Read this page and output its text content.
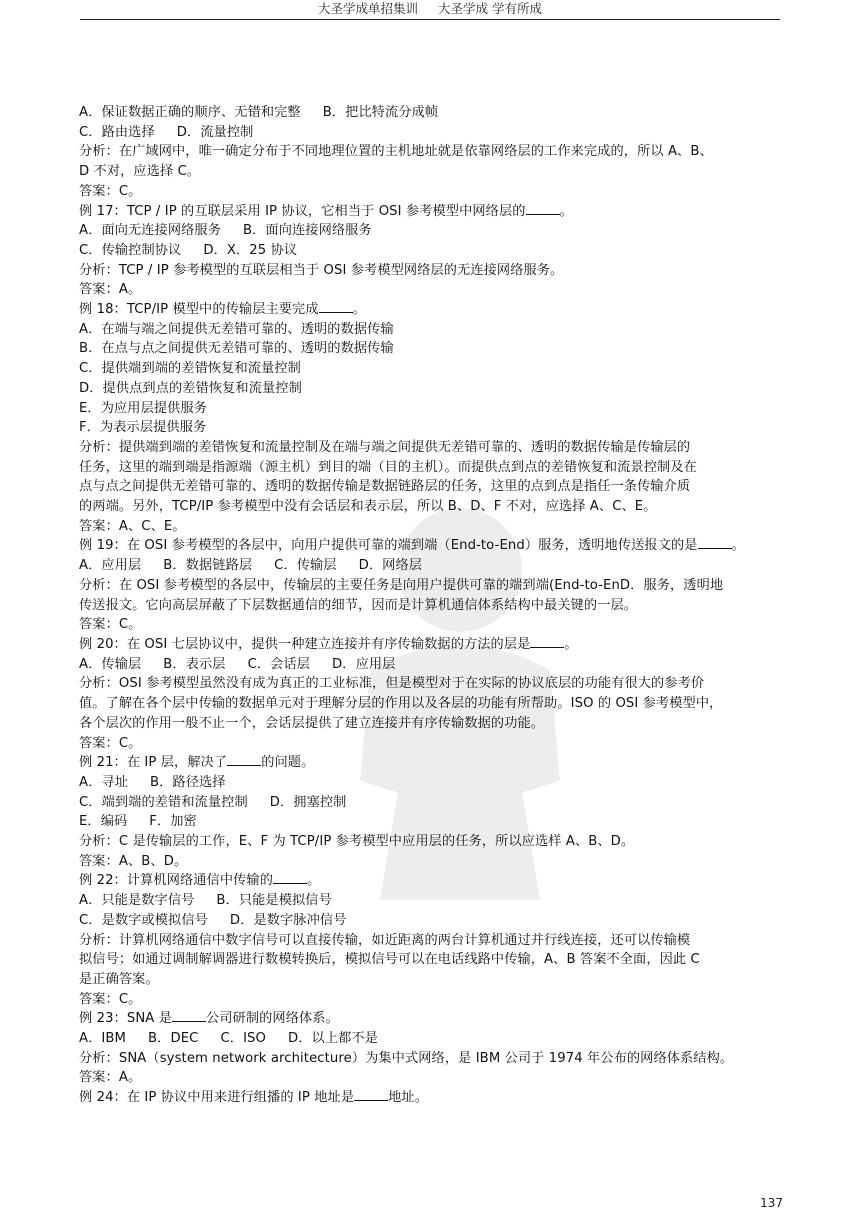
大圣学成单招集训 大圣学成 学有所成
A．保证数据正确的顺序、无错和完整 B．把比特流分成帧
C．路由选择 D．流量控制
分析：在广域网中，唯一确定分布于不同地理位置的主机地址就是依靠网络层的工作来完成的，所以 A、B、
D 不对，应选择 C。
答案：C。
例 17：TCP / IP 的互联层采用 IP 协议，它相当于 OSI 参考模型中网络层的	。
A．面向无连接网络服务 B．面向连接网络服务
C．传输控制协议 D．X．25 协议
分析：TCP / IP 参考模型的互联层相当于 OSI 参考模型网络层的无连接网络服务。
答案：A。
例 18：TCP/IP 模型中的传输层主要完成	。
A．在端与端之间提供无差错可靠的、透明的数据传输
B．在点与点之间提供无差错可靠的、透明的数据传输
C．提供端到端的差错恢复和流量控制
D．提供点到点的差错恢复和流量控制
E．为应用层提供服务
F．为表示层提供服务
分析：提供端到端的差错恢复和流量控制及在端与端之间提供无差错可靠的、透明的数据传输是传输层的
任务，这里的端到端是指源端（源主机）到目的端（目的主机）。而提供点到点的差错恢复和流景控制及在
点与点之间提供无差错可靠的、透明的数据传输是数据链路层的任务，这里的点到点是指任一条传输介质
的两端。另外，TCP/IP 参考模型中没有会话层和表示层，所以 B、D、F 不对，应选择 A、C、E。
答案：A、C、E。
例 19：在 OSI 参考模型的各层中，向用户提供可靠的端到端（End-to-End）服务，透明地传送报文的是	。
A．应用层 B．数据链路层 C．传输层 D．网络层
分析：在 OSI 参考模型的各层中，传输层的主要任务是向用户提供可靠的端到端(End-to-EnD．服务，透明地
传送报文。它向高层屏蔽了下层数据通信的细节，因而是计算机通信体系结构中最关键的一层。
答案：C。
例 20：在 OSI 七层协议中，提供一种建立连接并有序传输数据的方法的层是	。
A．传输层 B．表示层 C．会话层 D．应用层
分析：OSI 参考模型虽然没有成为真正的工业标准，但是模型对于在实际的协议底层的功能有很大的参考价
值。了解在各个层中传输的数据单元对于理解分层的作用以及各层的功能有所帮助。ISO 的 OSI 参考模型中，
各个层次的作用一般不止一个，会话层提供了建立连接并有序传输数据的功能。
答案：C。
例 21：在 IP 层，解决了	的问题。
A．寻址 B．路径选择
C．端到端的差错和流量控制 D．拥塞控制
E．编码 F．加密
分析：C 是传输层的工作，E、F 为 TCP/IP 参考模型中应用层的任务，所以应选样 A、B、D。
答案：A、B、D。
例 22：计算机网络通信中传输的	。
A．只能是数字信号 B．只能是模拟信号
C．是数字或模拟信号 D．是数字脉冲信号
分析：计算机网络通信中数字信号可以直接传输，如近距离的两台计算机通过并行线连接，还可以传输模
拟信号；如通过调制解调器进行数模转换后，模拟信号可以在电话线路中传输，A、B 答案不全面，因此 C
是正确答案。
答案：C。
例 23：SNA 是	公司研制的网络体系。
A．IBM B．DEC C．ISO D．以上都不是
分析：SNA（system network architecture）为集中式网络，是 IBM 公司于 1974 年公布的网络体系结构。
答案：A。
例 24：在 IP 协议中用来进行组播的 IP 地址是	地址。
137
